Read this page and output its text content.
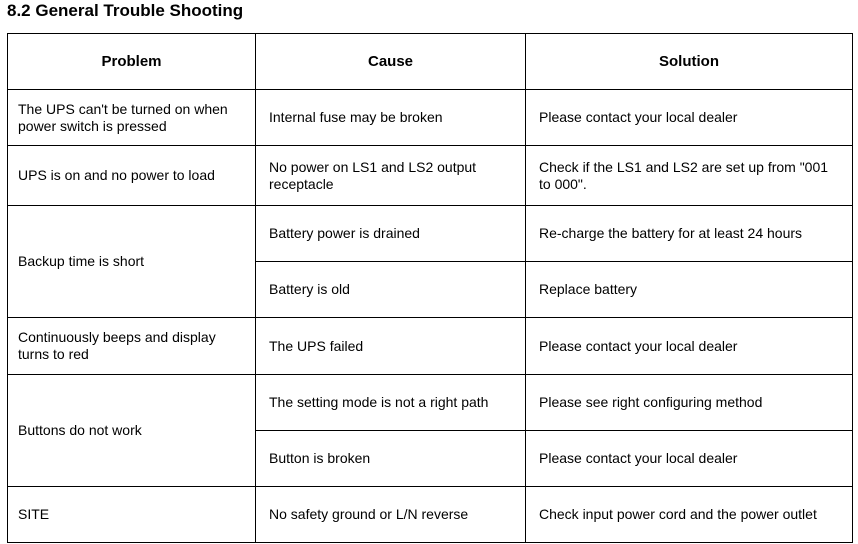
8.2 General Trouble Shooting
Problem	Cause	Solution
The UPS can't be turned on when power switch is pressed	Internal fuse may be broken	Please contact your local dealer
UPS is on and no power to load	No power on LS1 and LS2 output receptacle	Check if the LS1 and LS2 are set up from "001 to 000".
Backup time is short	Battery power is drained	Re-charge the battery for at least 24 hours
	Battery is old	Replace battery
Continuously beeps and display turns to red	The UPS failed	Please contact your local dealer
Buttons do not work	The setting mode is not a right path	Please see right configuring method
	Button is broken	Please contact your local dealer
SITE	No safety ground or L/N reverse	Check input power cord and the power outlet
